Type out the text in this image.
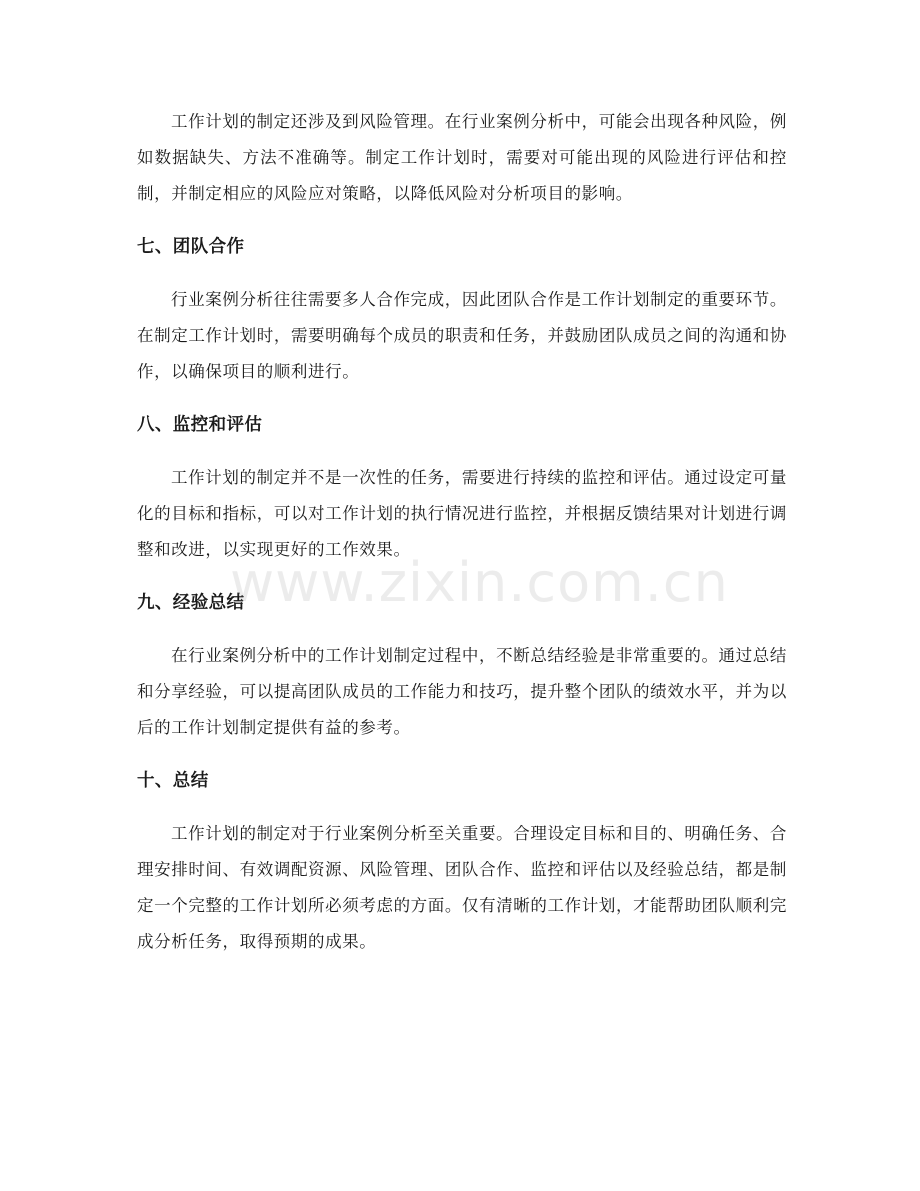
工作计划的制定还涉及到风险管理。在行业案例分析中，可能会出现各种风险，例如数据缺失、方法不准确等。制定工作计划时，需要对可能出现的风险进行评估和控制，并制定相应的风险应对策略，以降低风险对分析项目的影响。

七、团队合作

行业案例分析往往需要多人合作完成，因此团队合作是工作计划制定的重要环节。在制定工作计划时，需要明确每个成员的职责和任务，并鼓励团队成员之间的沟通和协作，以确保项目的顺利进行。

八、监控和评估

工作计划的制定并不是一次性的任务，需要进行持续的监控和评估。通过设定可量化的目标和指标，可以对工作计划的执行情况进行监控，并根据反馈结果对计划进行调整和改进，以实现更好的工作效果。

九、经验总结

在行业案例分析中的工作计划制定过程中，不断总结经验是非常重要的。通过总结和分享经验，可以提高团队成员的工作能力和技巧，提升整个团队的绩效水平，并为以后的工作计划制定提供有益的参考。

十、总结

工作计划的制定对于行业案例分析至关重要。合理设定目标和目的、明确任务、合理安排时间、有效调配资源、风险管理、团队合作、监控和评估以及经验总结，都是制定一个完整的工作计划所必须考虑的方面。仅有清晰的工作计划，才能帮助团队顺利完成分析任务，取得预期的成果。

www.zixin.com.cn
